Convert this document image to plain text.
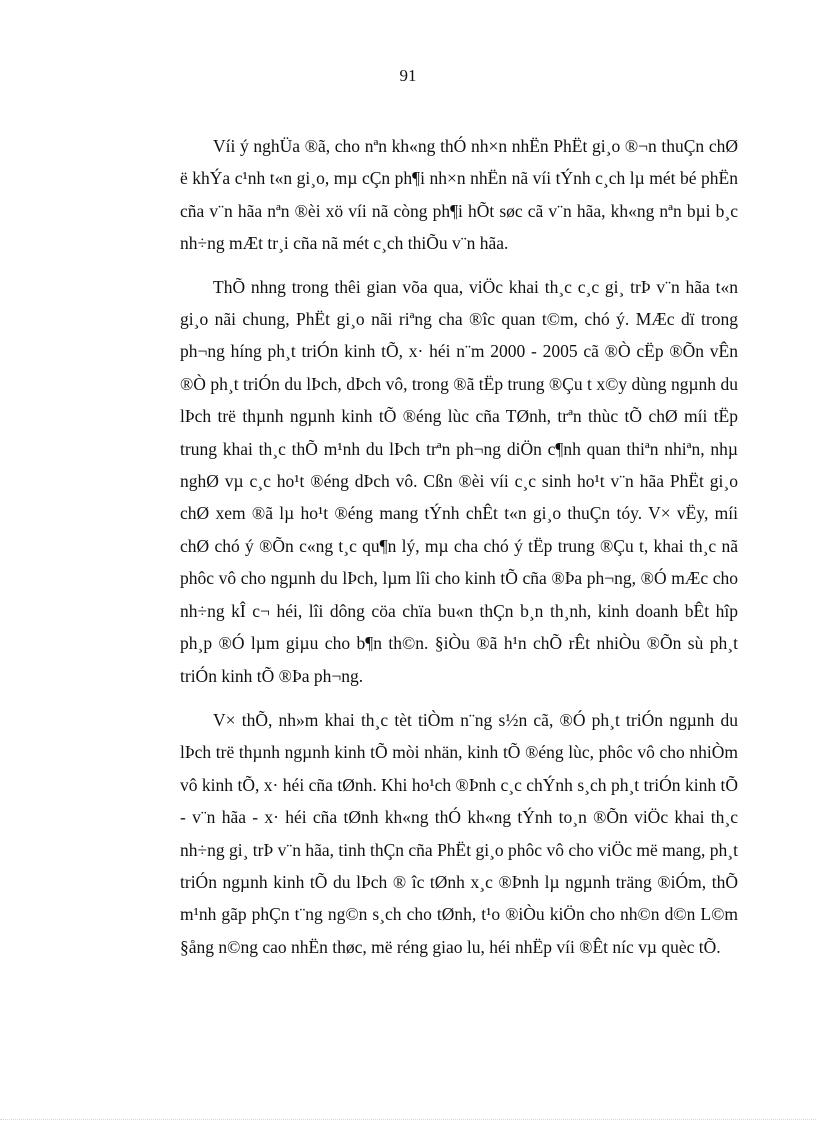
91

Víi ý nghÜa ®ã, cho nªn kh«ng thÓ nh×n nhËn PhËt gi¸o ®¬n thuÇn chØ ë khÝa c¹nh t«n gi¸o, mµ cÇn ph¶i nh×n nhËn nã víi tÝnh c¸ch lµ mét bé phËn cña v¨n hãa nªn ®èi xö víi nã còng ph¶i hÕt søc cã v¨n hãa, kh«ng nªn bµi b¸c nh÷ng mÆt tr¸i cña nã mét c¸ch thiÕu v¨n hãa.

ThÕ nhng trong thêi gian võa qua, viÖc khai th¸c c¸c gi¸ trÞ v¨n hãa t«n gi¸o nãi chung, PhËt gi¸o nãi riªng cha ®îc quan t©m, chó ý. MÆc dï trong ph¬ng híng ph¸t triÓn kinh tÕ, x· héi n¨m 2000 - 2005 cã ®Ò cËp ®Õn vÊn ®Ò ph¸t triÓn du lÞch, dÞch vô, trong ®ã tËp trung ®Çu t x©y dùng ngµnh du lÞch trë thµnh ngµnh kinh tÕ ®éng lùc cña TØnh, trªn thùc tÕ chØ míi tËp trung khai th¸c thÕ m¹nh du lÞch trªn ph¬ng diÖn c¶nh quan thiªn nhiªn, nhµ nghØ vµ c¸c ho¹t ®éng dÞch vô. Cßn ®èi víi c¸c sinh ho¹t v¨n hãa PhËt gi¸o chØ xem ®ã lµ ho¹t ®éng mang tÝnh chÊt t«n gi¸o thuÇn tóy. V× vËy, míi chØ chó ý ®Õn c«ng t¸c qu¶n lý, mµ cha chó ý tËp trung ®Çu t, khai th¸c nã phôc vô cho ngµnh du lÞch, lµm lîi cho kinh tÕ cña ®Þa ph¬ng, ®Ó mÆc cho nh÷ng kÎ c¬ héi, lîi dông cöa chïa bu«n thÇn b¸n th¸nh, kinh doanh bÊt hîp ph¸p ®Ó lµm giµu cho b¶n th©n. §iÒu ®ã h¹n chÕ rÊt nhiÒu ®Õn sù ph¸t triÓn kinh tÕ ®Þa ph¬ng.

V× thÕ, nh»m khai th¸c tèt tiÒm n¨ng s½n cã, ®Ó ph¸t triÓn ngµnh du lÞch trë thµnh ngµnh kinh tÕ mòi nhän, kinh tÕ ®éng lùc, phôc vô cho nhiÒm vô kinh tÕ, x· héi cña tØnh. Khi ho¹ch ®Þnh c¸c chÝnh s¸ch ph¸t triÓn kinh tÕ - v¨n hãa - x· héi cña tØnh kh«ng thÓ kh«ng tÝnh to¸n ®Õn viÖc khai th¸c nh÷ng gi¸ trÞ v¨n hãa, tinh thÇn cña PhËt gi¸o phôc vô cho viÖc më mang, ph¸t triÓn ngµnh kinh tÕ du lÞch ® îc tØnh x¸c ®Þnh lµ ngµnh träng ®iÓm, thÕ m¹nh gãp phÇn t¨ng ng©n s¸ch cho tØnh, t¹o ®iÒu kiÖn cho nh©n d©n L©m §ång n©ng cao nhËn thøc, më réng giao lu, héi nhËp víi ®Êt níc vµ quèc tÕ.
